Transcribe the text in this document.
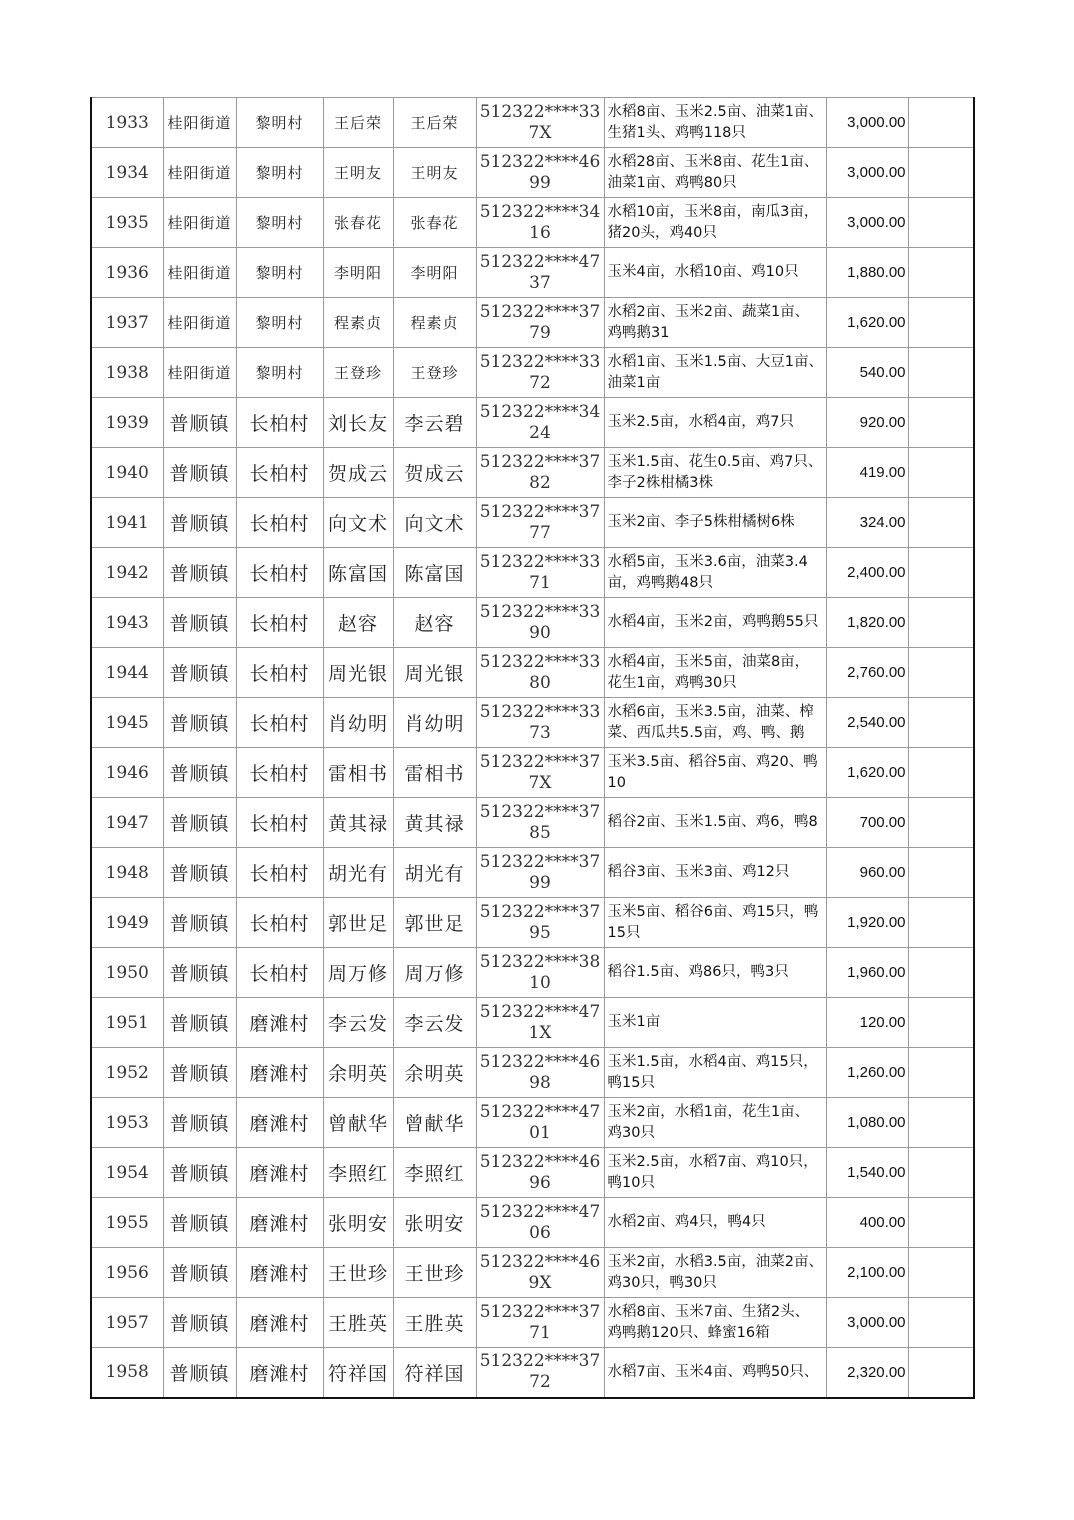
1933	桂阳街道	黎明村	王后荣	王后荣	512322****337X	水稻8亩、玉米2.5亩、油菜1亩、生猪1头、鸡鸭118只	3,000.00	
1934	桂阳街道	黎明村	王明友	王明友	512322****4699	水稻28亩、玉米8亩、花生1亩、油菜1亩、鸡鸭80只	3,000.00	
1935	桂阳街道	黎明村	张春花	张春花	512322****3416	水稻10亩，玉米8亩，南瓜3亩，猪20头，鸡40只	3,000.00	
1936	桂阳街道	黎明村	李明阳	李明阳	512322****4737	玉米4亩，水稻10亩、鸡10只	1,880.00	
1937	桂阳街道	黎明村	程素贞	程素贞	512322****3779	水稻2亩、玉米2亩、蔬菜1亩、鸡鸭鹅31	1,620.00	
1938	桂阳街道	黎明村	王登珍	王登珍	512322****3372	水稻1亩、玉米1.5亩、大豆1亩、油菜1亩	540.00	
1939	普顺镇	长柏村	刘长友	李云碧	512322****3424	玉米2.5亩，水稻4亩，鸡7只	920.00	
1940	普顺镇	长柏村	贺成云	贺成云	512322****3782	玉米1.5亩、花生0.5亩、鸡7只、李子2株柑橘3株	419.00	
1941	普顺镇	长柏村	向文术	向文术	512322****3777	玉米2亩、李子5株柑橘树6株	324.00	
1942	普顺镇	长柏村	陈富国	陈富国	512322****3371	水稻5亩，玉米3.6亩，油菜3.4亩，鸡鸭鹅48只	2,400.00	
1943	普顺镇	长柏村	赵容	赵容	512322****3390	水稻4亩，玉米2亩，鸡鸭鹅55只	1,820.00	
1944	普顺镇	长柏村	周光银	周光银	512322****3380	水稻4亩，玉米5亩，油菜8亩，花生1亩，鸡鸭30只	2,760.00	
1945	普顺镇	长柏村	肖幼明	肖幼明	512322****3373	水稻6亩，玉米3.5亩，油菜、榨菜、西瓜共5.5亩，鸡、鸭、鹅	2,540.00	
1946	普顺镇	长柏村	雷相书	雷相书	512322****377X	玉米3.5亩、稻谷5亩、鸡20、鸭10	1,620.00	
1947	普顺镇	长柏村	黄其禄	黄其禄	512322****3785	稻谷2亩、玉米1.5亩、鸡6，鸭8	700.00	
1948	普顺镇	长柏村	胡光有	胡光有	512322****3799	稻谷3亩、玉米3亩、鸡12只	960.00	
1949	普顺镇	长柏村	郭世足	郭世足	512322****3795	玉米5亩、稻谷6亩、鸡15只，鸭15只	1,920.00	
1950	普顺镇	长柏村	周万修	周万修	512322****3810	稻谷1.5亩、鸡86只，鸭3只	1,960.00	
1951	普顺镇	磨滩村	李云发	李云发	512322****471X	玉米1亩	120.00	
1952	普顺镇	磨滩村	余明英	余明英	512322****4698	玉米1.5亩，水稻4亩、鸡15只，鸭15只	1,260.00	
1953	普顺镇	磨滩村	曾献华	曾献华	512322****4701	玉米2亩，水稻1亩，花生1亩、鸡30只	1,080.00	
1954	普顺镇	磨滩村	李照红	李照红	512322****4696	玉米2.5亩，水稻7亩、鸡10只，鸭10只	1,540.00	
1955	普顺镇	磨滩村	张明安	张明安	512322****4706	水稻2亩、鸡4只，鸭4只	400.00	
1956	普顺镇	磨滩村	王世珍	王世珍	512322****469X	玉米2亩，水稻3.5亩，油菜2亩、鸡30只，鸭30只	2,100.00	
1957	普顺镇	磨滩村	王胜英	王胜英	512322****3771	水稻8亩、玉米7亩、生猪2头、鸡鸭鹅120只、蜂蜜16箱	3,000.00	
1958	普顺镇	磨滩村	符祥国	符祥国	512322****3772	水稻7亩、玉米4亩、鸡鸭50只、	2,320.00	
